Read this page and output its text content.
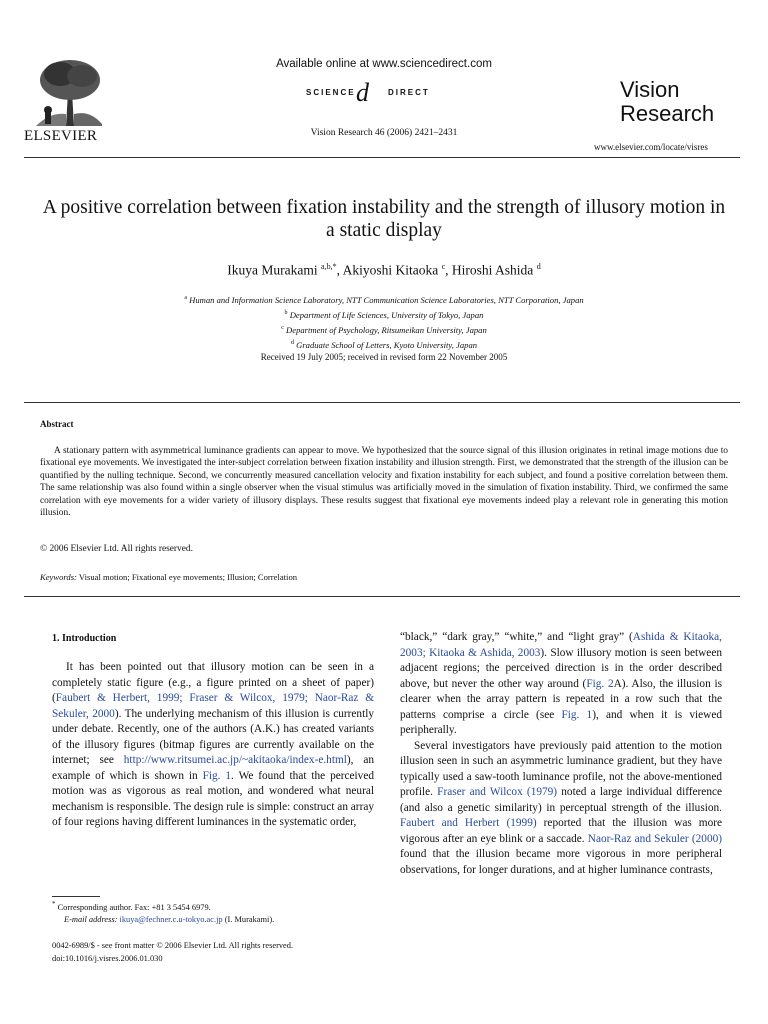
ELSEVIER
Available online at www.sciencedirect.com
SCIENCE d DIRECT
Vision Research 46 (2006) 2421–2431
Vision
Research
www.elsevier.com/locate/visres
A positive correlation between fixation instability and the strength of illusory motion in a static display
Ikuya Murakami $^{a,b,*}$, Akiyoshi Kitaoka $^c$, Hiroshi Ashida $^d$
$^a$ Human and Information Science Laboratory, NTT Communication Science Laboratories, NTT Corporation, Japan
$^b$ Department of Life Sciences, University of Tokyo, Japan
$^c$ Department of Psychology, Ritsumeikan University, Japan
$^d$ Graduate School of Letters, Kyoto University, Japan
Received 19 July 2005; received in revised form 22 November 2005
Abstract

A stationary pattern with asymmetrical luminance gradients can appear to move. We hypothesized that the source signal of this illusion originates in retinal image motions due to fixational eye movements. We investigated the inter-subject correlation between fixation instability and illusion strength. First, we demonstrated that the strength of the illusion can be quantified by the nulling technique. Second, we concurrently measured cancellation velocity and fixation instability for each subject, and found a positive correlation between them. The same relationship was also found within a single observer when the visual stimulus was artificially moved in the simulation of fixation instability. Third, we confirmed the same correlation with eye movements for a wider variety of illusory displays. These results suggest that fixational eye movements indeed play a relevant role in generating this motion illusion.

© 2006 Elsevier Ltd. All rights reserved.
Keywords: Visual motion; Fixational eye movements; Illusion; Correlation
1. Introduction

It has been pointed out that illusory motion can be seen in a completely static figure (e.g., a figure printed on a sheet of paper) (Faubert & Herbert, 1999; Fraser & Wilcox, 1979; Naor-Raz & Sekuler, 2000). The underlying mechanism of this illusion is currently under debate. Recently, one of the authors (A.K.) has created variants of the illusory figures (bitmap figures are currently available on the internet; see http://www.ritsumei.ac.jp/~akitaoka/index-e.html), an example of which is shown in Fig. 1. We found that the perceived motion was as vigorous as real motion, and wondered what neural mechanism is responsible. The design rule is simple: construct an array of four regions having different luminances in the systematic order,

“black,” “dark gray,” “white,” and “light gray” (Ashida & Kitaoka, 2003; Kitaoka & Ashida, 2003). Slow illusory motion is seen between adjacent regions; the perceived direction is in the order described above, but never the other way around (Fig. 2A). Also, the illusion is clearer when the array pattern is repeated in a row such that the patterns comprise a circle (see Fig. 1), and when it is viewed peripherally.

Several investigators have previously paid attention to the motion illusion seen in such an asymmetric luminance gradient, but they have typically used a saw-tooth luminance profile, not the above-mentioned profile. Fraser and Wilcox (1979) noted a large individual difference (and also a genetic similarity) in perceptual strength of the illusion. Faubert and Herbert (1999) reported that the illusion was more vigorous after an eye blink or a saccade. Naor-Raz and Sekuler (2000) found that the illusion became more vigorous in more peripheral observations, for longer durations, and at higher luminance contrasts,

* Corresponding author. Fax: +81 3 5454 6979.
E-mail address: ikuya@fechner.c.u-tokyo.ac.jp (I. Murakami).
0042-6989/$ - see front matter © 2006 Elsevier Ltd. All rights reserved.
doi:10.1016/j.visres.2006.01.030
